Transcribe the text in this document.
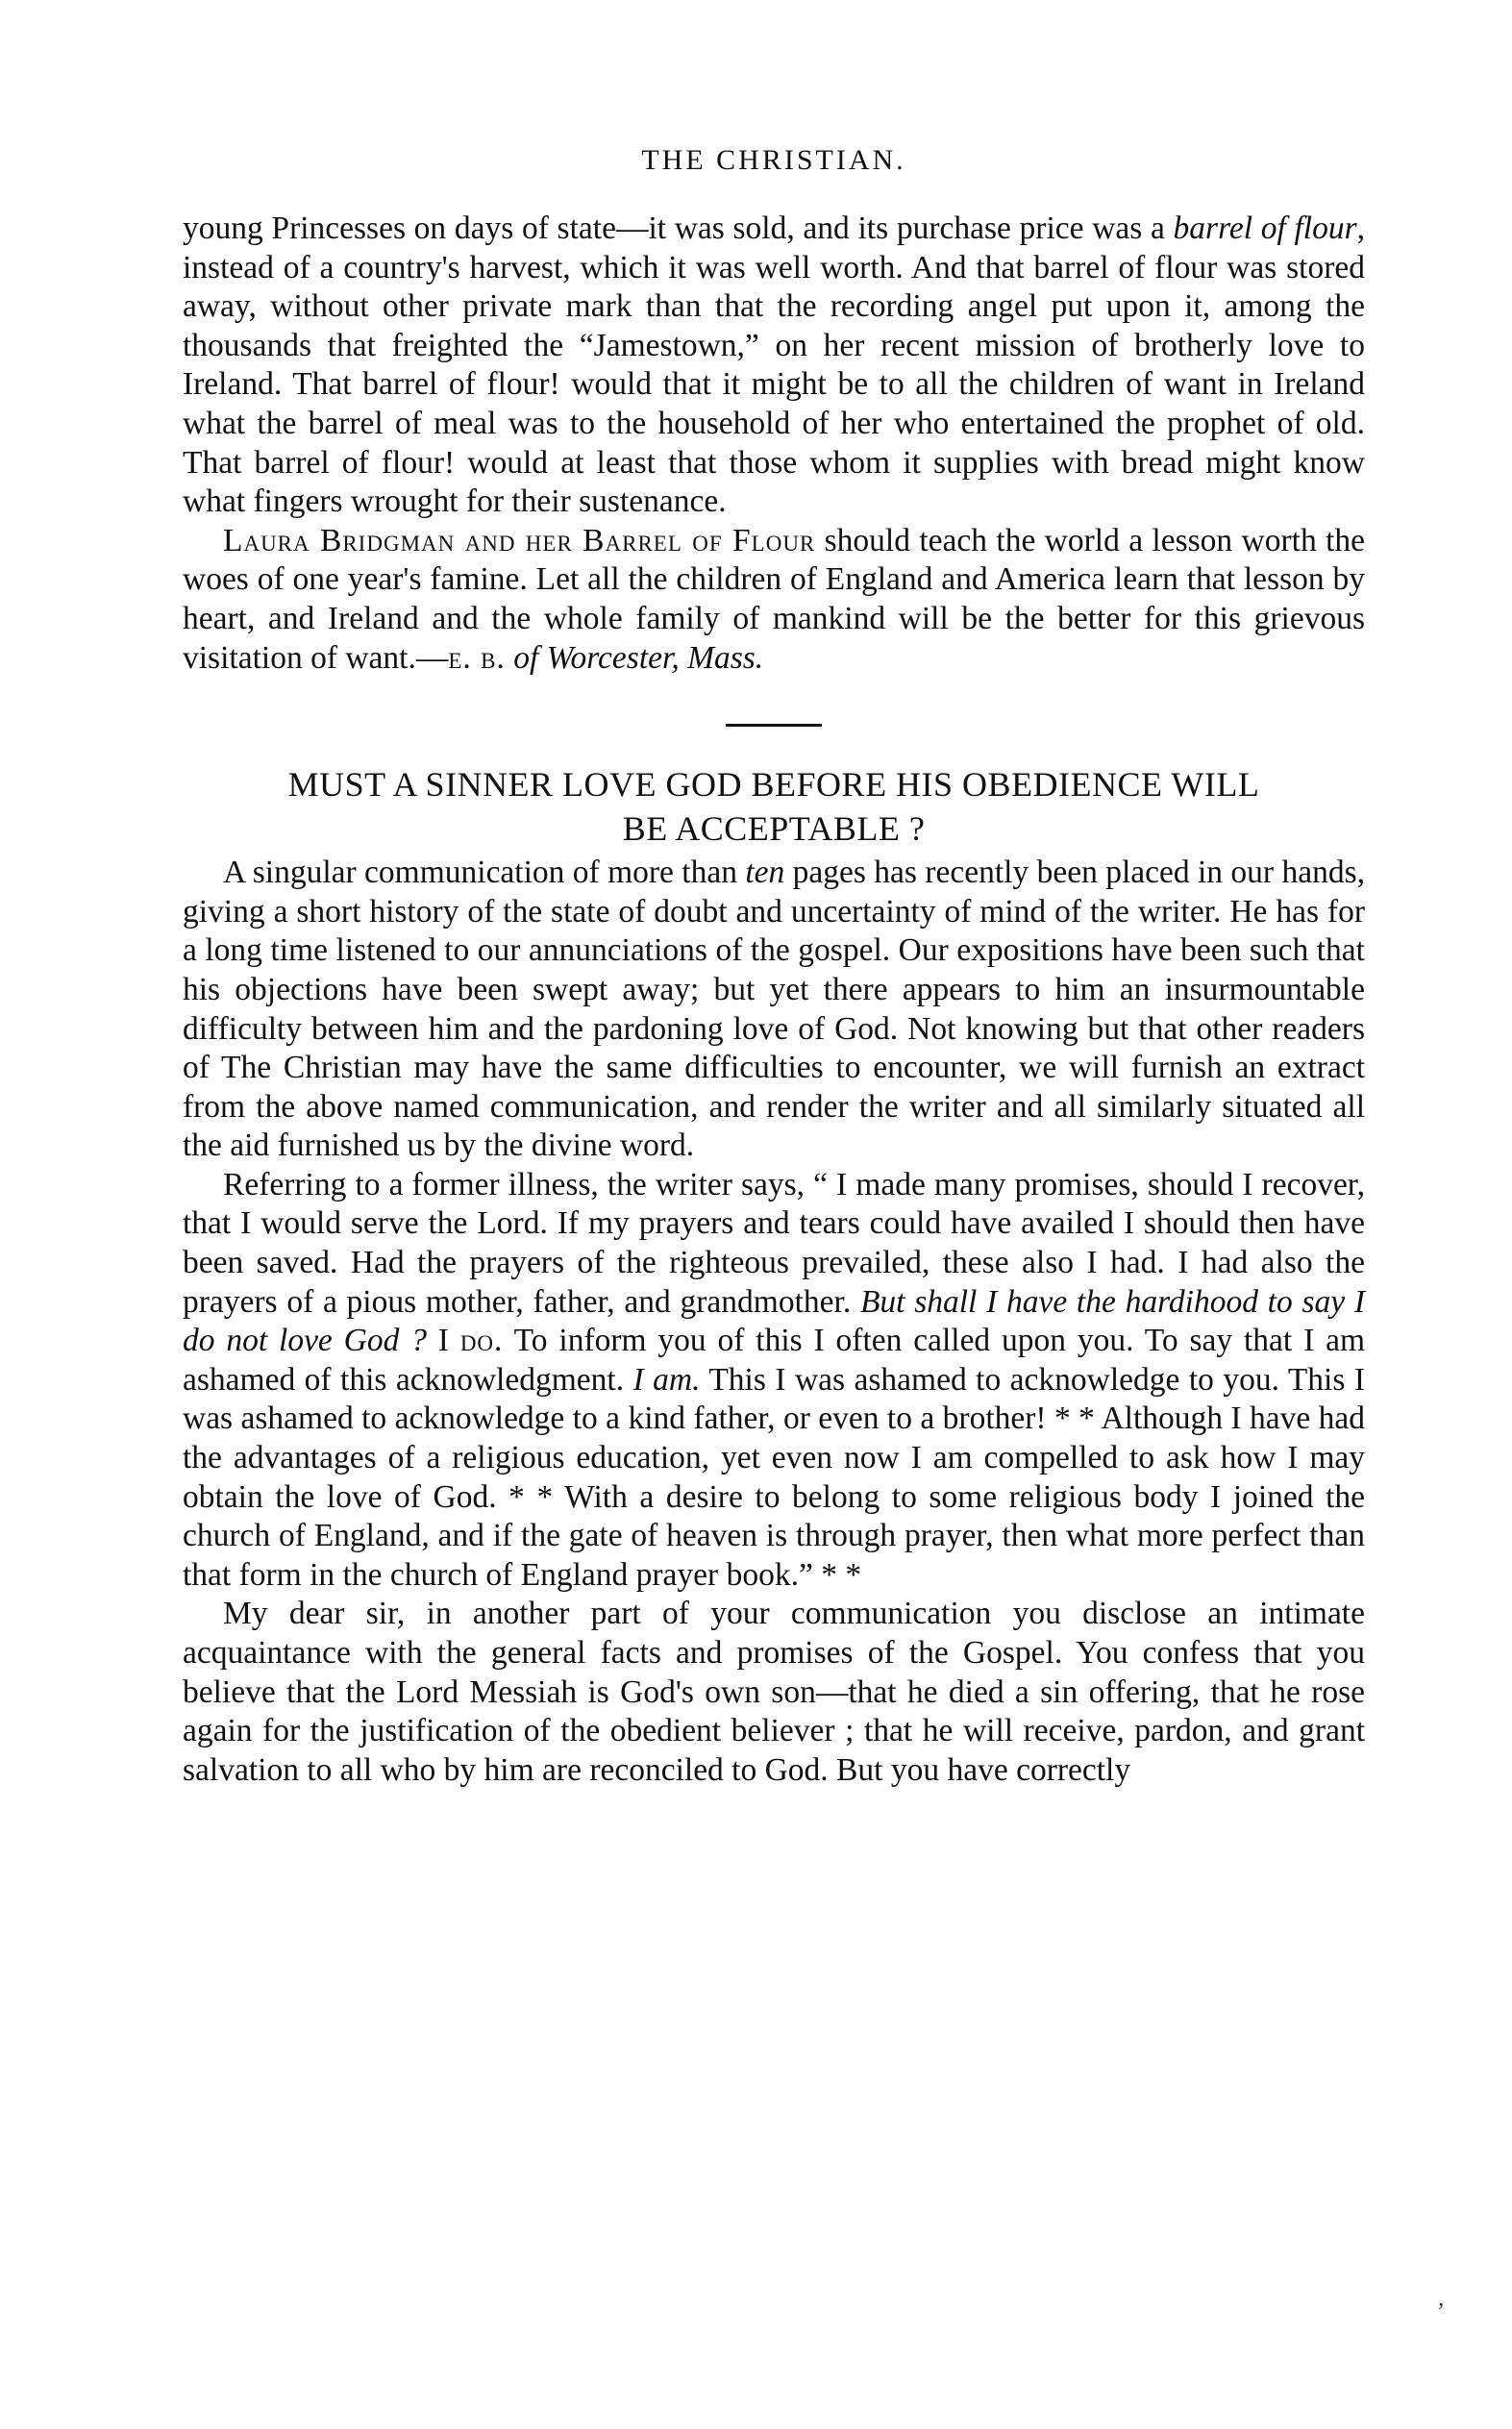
THE CHRISTIAN.

young Princesses on days of state—it was sold, and its purchase price was a barrel of flour, instead of a country's harvest, which it was well worth. And that barrel of flour was stored away, without other private mark than that the recording angel put upon it, among the thousands that freighted the “Jamestown,” on her recent mission of brotherly love to Ireland. That barrel of flour! would that it might be to all the children of want in Ireland what the barrel of meal was to the household of her who entertained the prophet of old. That barrel of flour! would at least that those whom it supplies with bread might know what fingers wrought for their sustenance.

Laura Bridgman and her Barrel of Flour should teach the world a lesson worth the woes of one year's famine. Let all the children of England and America learn that lesson by heart, and Ireland and the whole family of mankind will be the better for this grievous visitation of want.—e. b. of Worcester, Mass.

MUST A SINNER LOVE GOD BEFORE HIS OBEDIENCE WILL
BE ACCEPTABLE ?

A singular communication of more than ten pages has recently been placed in our hands, giving a short history of the state of doubt and uncertainty of mind of the writer. He has for a long time listened to our annunciations of the gospel. Our expositions have been such that his objections have been swept away; but yet there appears to him an insurmountable difficulty between him and the pardoning love of God. Not knowing but that other readers of The Christian may have the same difficulties to encounter, we will furnish an extract from the above named communication, and render the writer and all similarly situated all the aid furnished us by the divine word.

Referring to a former illness, the writer says, “ I made many promises, should I recover, that I would serve the Lord. If my prayers and tears could have availed I should then have been saved. Had the prayers of the righteous prevailed, these also I had. I had also the prayers of a pious mother, father, and grandmother. But shall I have the hardihood to say I do not love God ? I do. To inform you of this I often called upon you. To say that I am ashamed of this acknowledgment. I am. This I was ashamed to acknowledge to you. This I was ashamed to acknowledge to a kind father, or even to a brother! * * Although I have had the advantages of a religious education, yet even now I am compelled to ask how I may obtain the love of God. * * With a desire to belong to some religious body I joined the church of England, and if the gate of heaven is through prayer, then what more perfect than that form in the church of England prayer book.” * *

My dear sir, in another part of your communication you disclose an intimate acquaintance with the general facts and promises of the Gospel. You confess that you believe that the Lord Messiah is God's own son—that he died a sin offering, that he rose again for the justification of the obedient believer ; that he will receive, pardon, and grant salvation to all who by him are reconciled to God. But you have correctly

’
